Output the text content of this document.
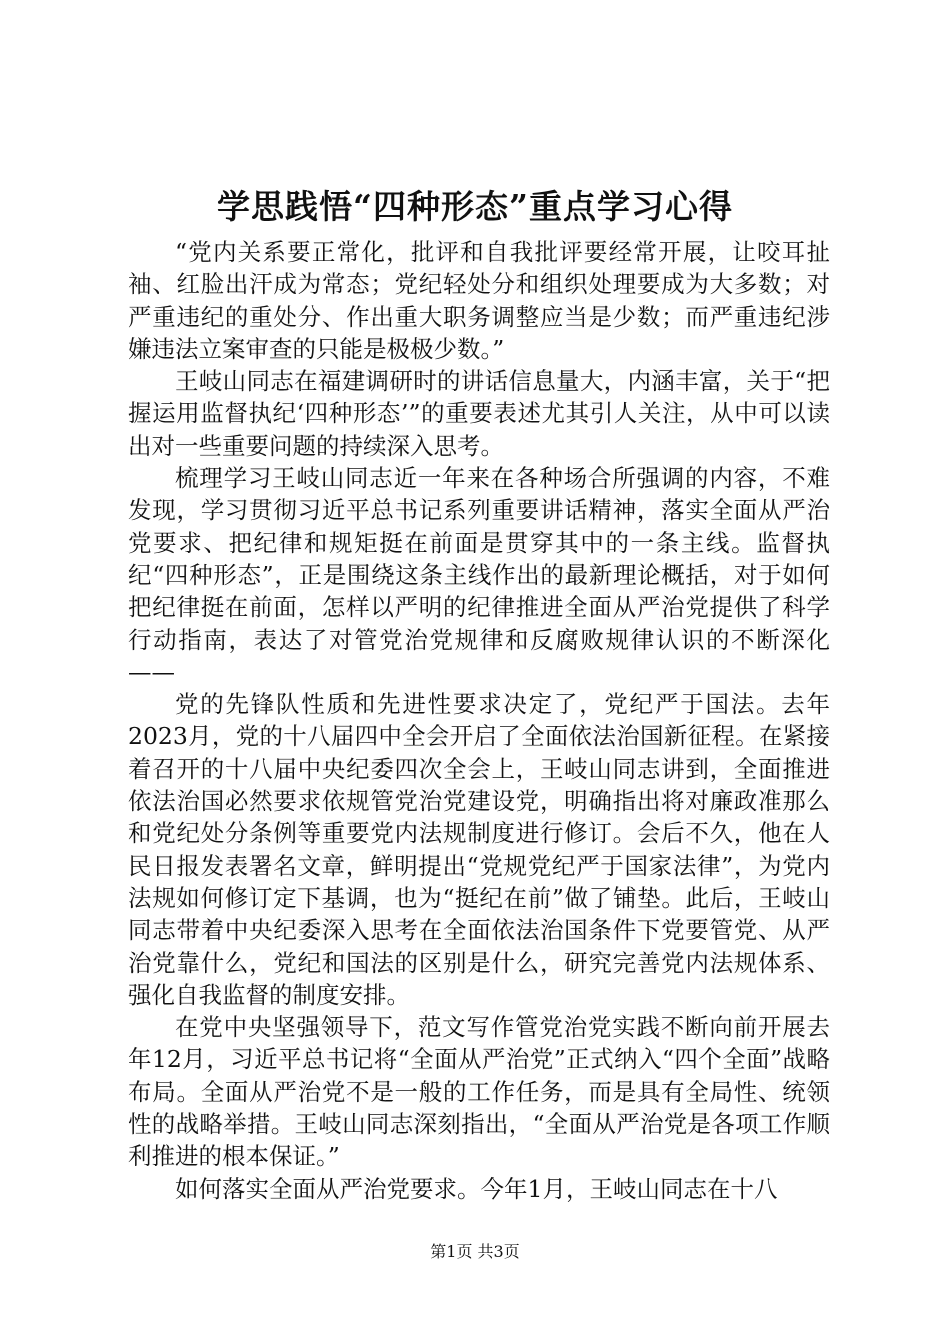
学思践悟“四种形态”重点学习心得

“党内关系要正常化，批评和自我批评要经常开展，让咬耳扯袖、红脸出汗成为常态；党纪轻处分和组织处理要成为大多数；对严重违纪的重处分、作出重大职务调整应当是少数；而严重违纪涉嫌违法立案审查的只能是极极少数。”

王岐山同志在福建调研时的讲话信息量大，内涵丰富，关于“把握运用监督执纪‘四种形态’”的重要表述尤其引人关注，从中可以读出对一些重要问题的持续深入思考。

梳理学习王岐山同志近一年来在各种场合所强调的内容，不难发现，学习贯彻习近平总书记系列重要讲话精神，落实全面从严治党要求、把纪律和规矩挺在前面是贯穿其中的一条主线。监督执纪“四种形态”，正是围绕这条主线作出的最新理论概括，对于如何把纪律挺在前面，怎样以严明的纪律推进全面从严治党提供了科学行动指南，表达了对管党治党规律和反腐败规律认识的不断深化——

党的先锋队性质和先进性要求决定了，党纪严于国法。去年2023月，党的十八届四中全会开启了全面依法治国新征程。在紧接着召开的十八届中央纪委四次全会上，王岐山同志讲到，全面推进依法治国必然要求依规管党治党建设党，明确指出将对廉政准那么和党纪处分条例等重要党内法规制度进行修订。会后不久，他在人民日报发表署名文章，鲜明提出“党规党纪严于国家法律”，为党内法规如何修订定下基调，也为“挺纪在前”做了铺垫。此后，王岐山同志带着中央纪委深入思考在全面依法治国条件下党要管党、从严治党靠什么，党纪和国法的区别是什么，研究完善党内法规体系、强化自我监督的制度安排。

在党中央坚强领导下，范文写作管党治党实践不断向前开展去年12月，习近平总书记将“全面从严治党”正式纳入“四个全面”战略布局。全面从严治党不是一般的工作任务，而是具有全局性、统领性的战略举措。王岐山同志深刻指出，“全面从严治党是各项工作顺利推进的根本保证。”

如何落实全面从严治党要求。今年1月，王岐山同志在十八

第1页 共3页
